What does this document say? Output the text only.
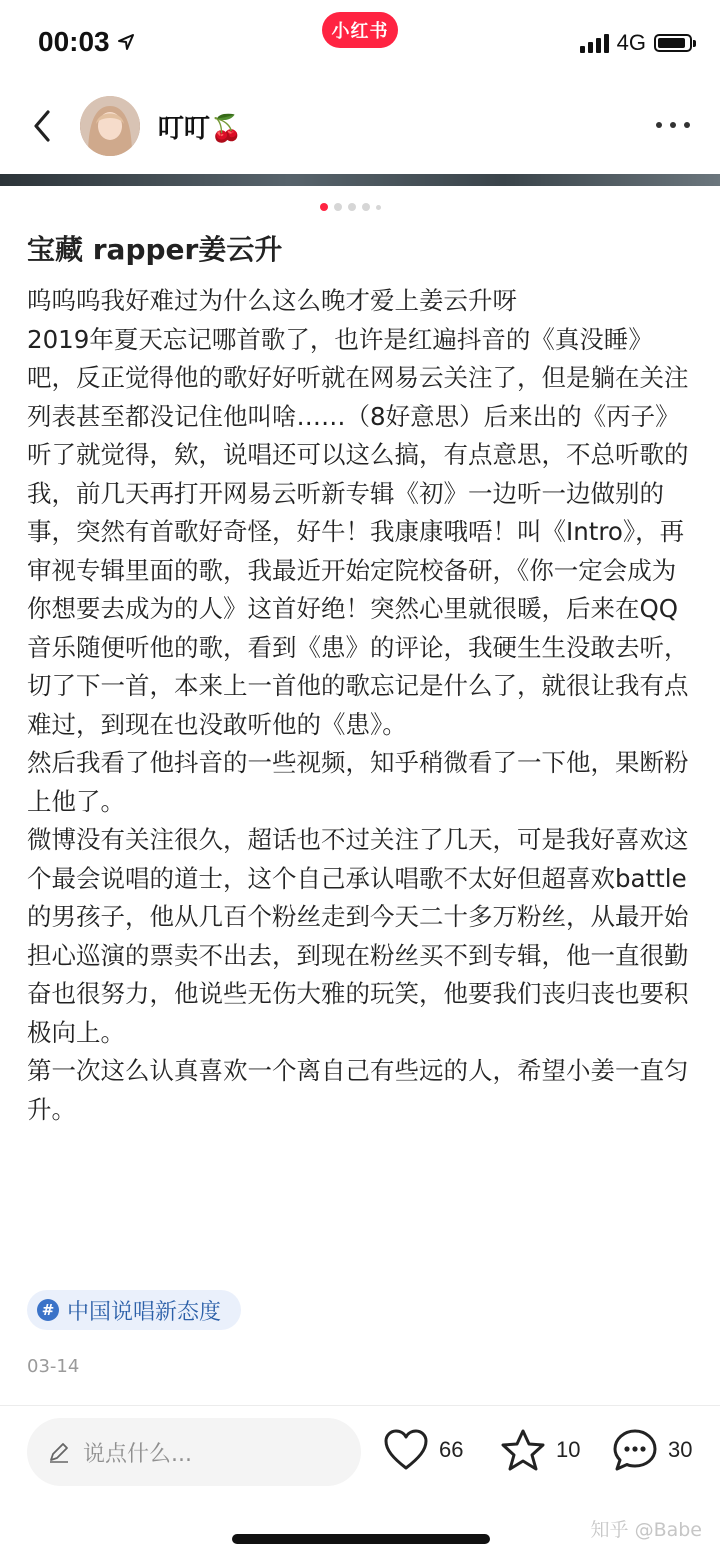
00:03	小红书	4G
叮叮🍒
宝藏 rapper姜云升
呜呜呜我好难过为什么这么晚才爱上姜云升呀
2019年夏天忘记哪首歌了，也许是红遍抖音的《真没睡》吧，反正觉得他的歌好好听就在网易云关注了，但是躺在关注列表甚至都没记住他叫啥……（8好意思）后来出的《丙子》听了就觉得，欸，说唱还可以这么搞，有点意思，不总听歌的我，前几天再打开网易云听新专辑《初》一边听一边做别的事，突然有首歌好奇怪，好牛！我康康哦唔！叫《Intro》，再审视专辑里面的歌，我最近开始定院校备研，《你一定会成为你想要去成为的人》这首好绝！突然心里就很暖，后来在QQ音乐随便听他的歌，看到《患》的评论，我硬生生没敢去听，切了下一首，本来上一首他的歌忘记是什么了，就很让我有点难过，到现在也没敢听他的《患》。
然后我看了他抖音的一些视频，知乎稍微看了一下他，果断粉上他了。
微博没有关注很久，超话也不过关注了几天，可是我好喜欢这个最会说唱的道士，这个自己承认唱歌不太好但超喜欢battle的男孩子，他从几百个粉丝走到今天二十多万粉丝，从最开始担心巡演的票卖不出去，到现在粉丝买不到专辑，他一直很勤奋也很努力，他说些无伤大雅的玩笑，他要我们丧归丧也要积极向上。
第一次这么认真喜欢一个离自己有些远的人，希望小姜一直匀升。
# 中国说唱新态度
03-14
说点什么...	66	10	30
知乎 @Babe
